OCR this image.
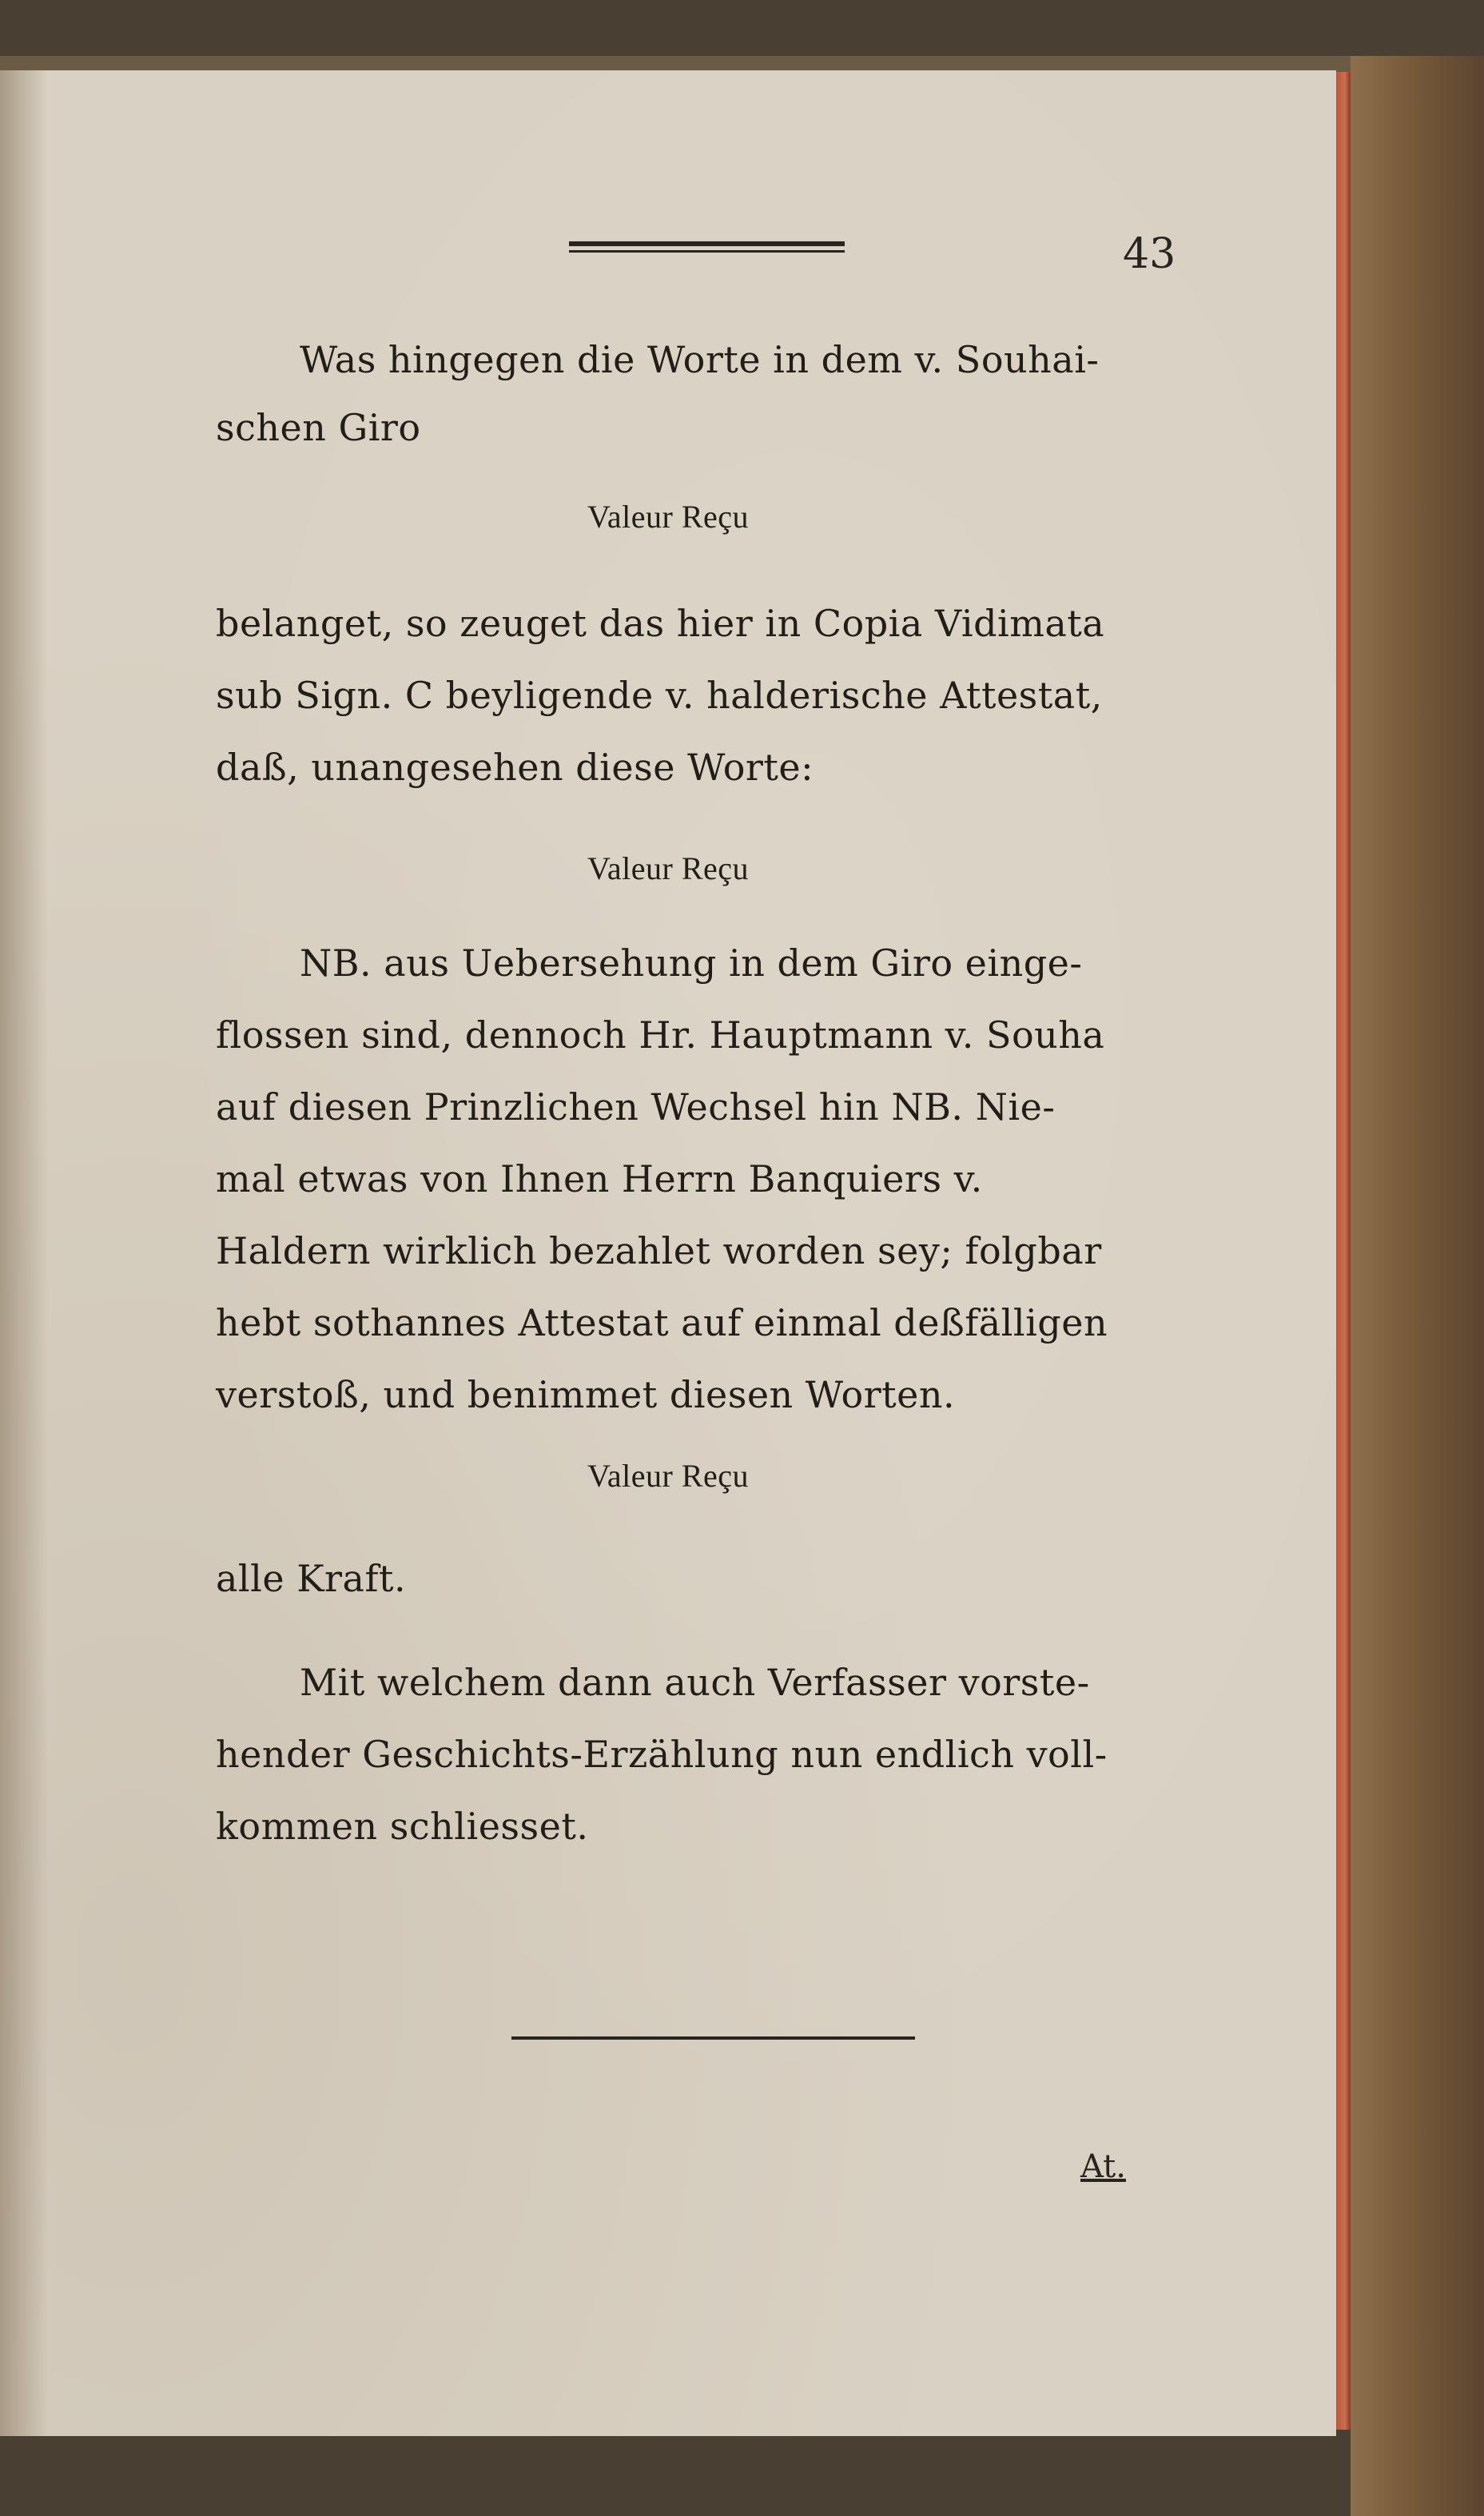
43
Was hingegen die Worte in dem v. Souhai-
schen Giro
Valeur Reçu
belanget, so zeuget das hier in Copia Vidimata
sub Sign. C beyligende v. halderische Attestat,
daß, unangesehen diese Worte:
Valeur Reçu
NB. aus Uebersehung in dem Giro einge-
flossen sind, dennoch Hr. Hauptmann v. Souha
auf diesen Prinzlichen Wechsel hin NB. Nie-
mal etwas von Ihnen Herrn Banquiers v.
Haldern wirklich bezahlet worden sey; folgbar
hebt sothannes Attestat auf einmal deßfälligen
verstoß, und benimmet diesen Worten.
Valeur Reçu
alle Kraft.
Mit welchem dann auch Verfasser vorste-
hender Geschichts-Erzählung nun endlich voll-
kommen schliesset.
At.
